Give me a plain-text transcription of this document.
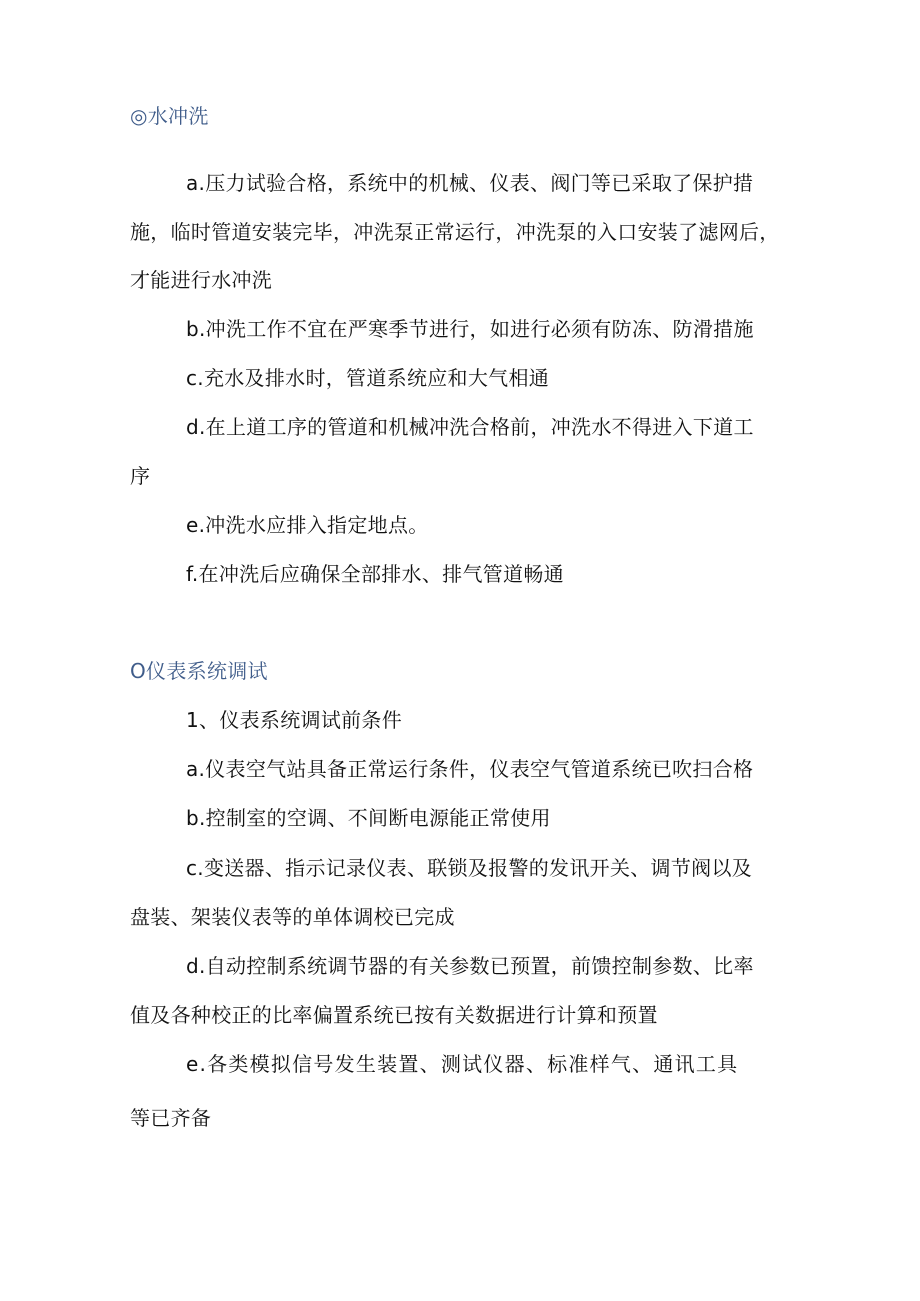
◎水冲洗
a.压力试验合格，系统中的机械、仪表、阀门等已采取了保护措
施，临时管道安装完毕，冲洗泵正常运行，冲洗泵的入口安装了滤网后，
才能进行水冲洗
b.冲洗工作不宜在严寒季节进行，如进行必须有防冻、防滑措施
c.充水及排水时，管道系统应和大气相通
d.在上道工序的管道和机械冲洗合格前，冲洗水不得进入下道工
序
e.冲洗水应排入指定地点。
f.在冲洗后应确保全部排水、排气管道畅通
O仪表系统调试
1、仪表系统调试前条件
a.仪表空气站具备正常运行条件，仪表空气管道系统已吹扫合格
b.控制室的空调、不间断电源能正常使用
c.变送器、指示记录仪表、联锁及报警的发讯开关、调节阀以及
盘装、架装仪表等的单体调校已完成
d.自动控制系统调节器的有关参数已预置，前馈控制参数、比率
值及各种校正的比率偏置系统已按有关数据进行计算和预置
e.各类模拟信号发生装置、测试仪器、标准样气、通讯工具
等已齐备
